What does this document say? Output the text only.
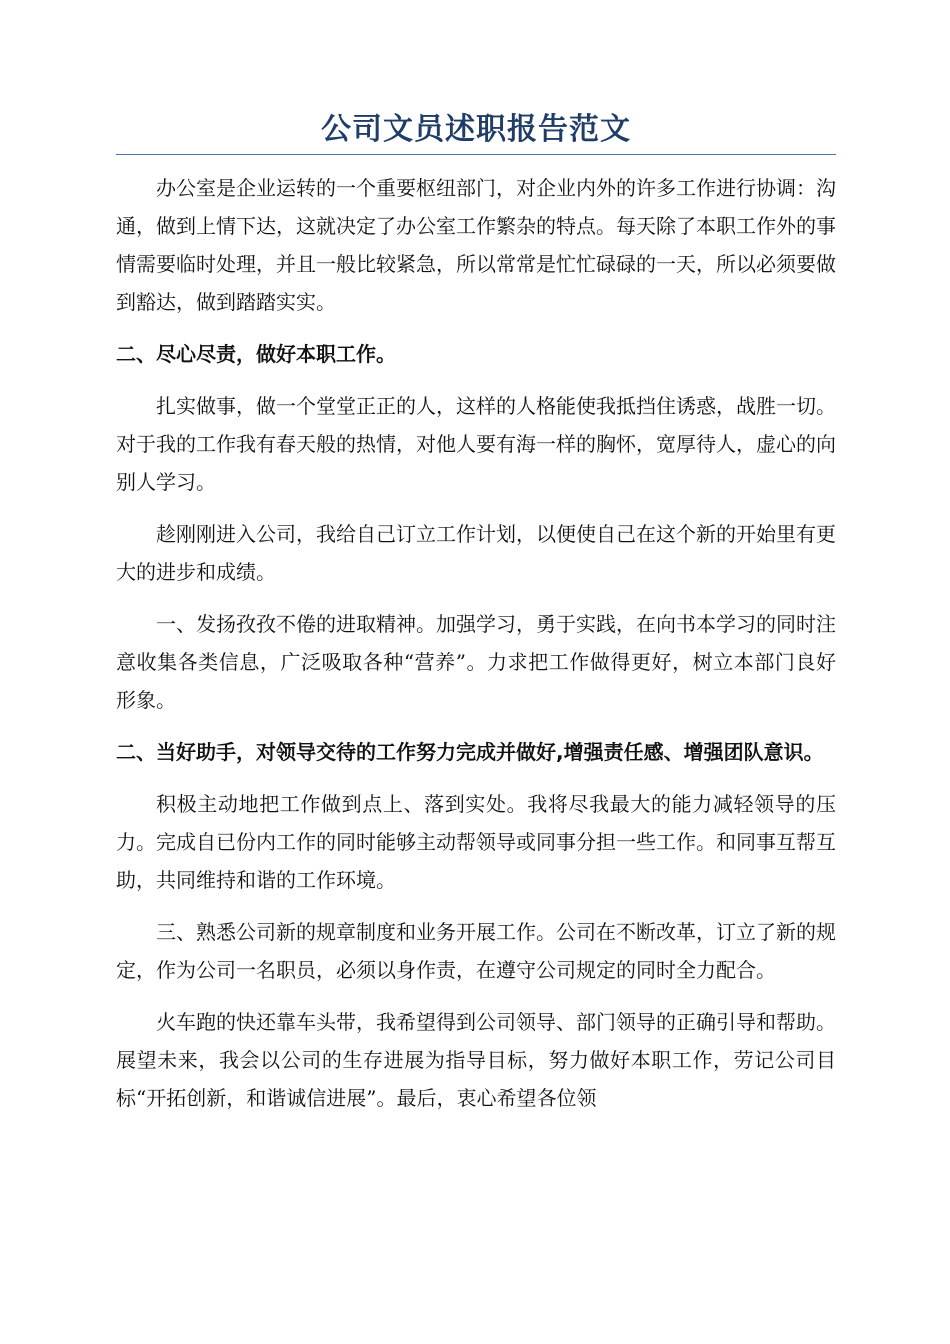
公司文员述职报告范文

办公室是企业运转的一个重要枢纽部门，对企业内外的许多工作进行协调：沟通，做到上情下达，这就决定了办公室工作繁杂的特点。每天除了本职工作外的事情需要临时处理，并且一般比较紧急，所以常常是忙忙碌碌的一天，所以必须要做到豁达，做到踏踏实实。

二、尽心尽责，做好本职工作。

扎实做事，做一个堂堂正正的人，这样的人格能使我抵挡住诱惑，战胜一切。对于我的工作我有春天般的热情，对他人要有海一样的胸怀，宽厚待人，虚心的向别人学习。

趁刚刚进入公司，我给自己订立工作计划，以便使自己在这个新的开始里有更大的进步和成绩。

一、发扬孜孜不倦的进取精神。加强学习，勇于实践，在向书本学习的同时注意收集各类信息，广泛吸取各种“营养”。力求把工作做得更好，树立本部门良好形象。

二、当好助手，对领导交待的工作努力完成并做好,增强责任感、增强团队意识。

积极主动地把工作做到点上、落到实处。我将尽我最大的能力减轻领导的压力。完成自已份内工作的同时能够主动帮领导或同事分担一些工作。和同事互帮互助，共同维持和谐的工作环境。

三、熟悉公司新的规章制度和业务开展工作。公司在不断改革，订立了新的规定，作为公司一名职员，必须以身作责，在遵守公司规定的同时全力配合。

火车跑的快还靠车头带，我希望得到公司领导、部门领导的正确引导和帮助。展望未来，我会以公司的生存进展为指导目标，努力做好本职工作，劳记公司目标“开拓创新，和谐诚信进展”。最后，衷心希望各位领
